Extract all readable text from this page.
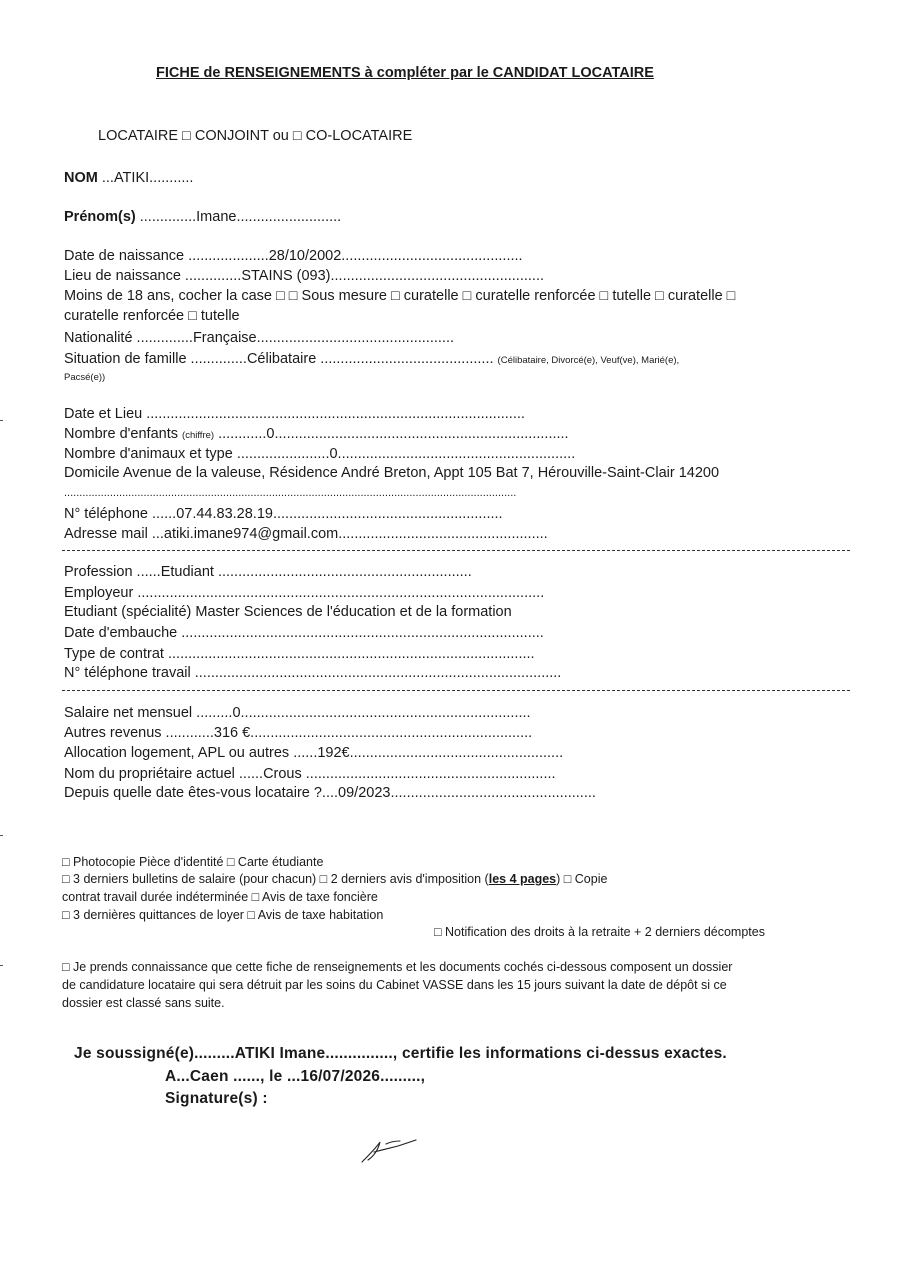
FICHE de RENSEIGNEMENTS à compléter par le CANDIDAT LOCATAIRE
LOCATAIRE □ CONJOINT ou □ CO-LOCATAIRE
NOM ...ATIKI...........
Prénom(s) ..............Imane..........................
Date de naissance ....................28/10/2002.............................................
Lieu de naissance ..............STAINS (093).....................................................
Moins de 18 ans, cocher la case □ □ Sous mesure □ curatelle □ curatelle renforcée □ tutelle □ curatelle □
curatelle renforcée □ tutelle
Nationalité ..............Française.................................................
Situation de famille ..............Célibataire ........................................... (Célibataire, Divorcé(e), Veuf(ve), Marié(e),
Pacsé(e))
Date et Lieu ..............................................................................................
Nombre d'enfants (chiffre) ............0.........................................................................
Nombre d'animaux et type .......................0...........................................................
Domicile Avenue de la valeuse, Résidence André Breton, Appt 105 Bat 7, Hérouville-Saint-Clair 14200
....................................................................................................................................................
N° téléphone ......07.44.83.28.19.........................................................
Adresse mail ...atiki.imane974@gmail.com....................................................
Profession ......Etudiant ...............................................................
Employeur .....................................................................................................
Etudiant (spécialité) Master Sciences de l'éducation et de la formation
Date d'embauche ..........................................................................................
Type de contrat ...........................................................................................
N° téléphone travail ...........................................................................................
Salaire net mensuel .........0........................................................................
Autres revenus ............316 €......................................................................
Allocation logement, APL ou autres ......192€.....................................................
Nom du propriétaire actuel ......Crous ..............................................................
Depuis quelle date êtes-vous locataire ?....09/2023...................................................
□ Photocopie Pièce d'identité □ Carte étudiante
□ 3 derniers bulletins de salaire (pour chacun) □ 2 derniers avis d'imposition (les 4 pages) □ Copie
contrat travail durée indéterminée □ Avis de taxe foncière
□ 3 dernières quittances de loyer □ Avis de taxe habitation
□ Notification des droits à la retraite + 2 derniers décomptes
□ Je prends connaissance que cette fiche de renseignements et les documents cochés ci-dessous composent un dossier
de candidature locataire qui sera détruit par les soins du Cabinet VASSE dans les 15 jours suivant la date de dépôt si ce
dossier est classé sans suite.
Je soussigné(e).........ATIKI Imane..............., certifie les informations ci-dessus exactes.
A...Caen ......, le ...16/07/2026.........,
Signature(s) :
